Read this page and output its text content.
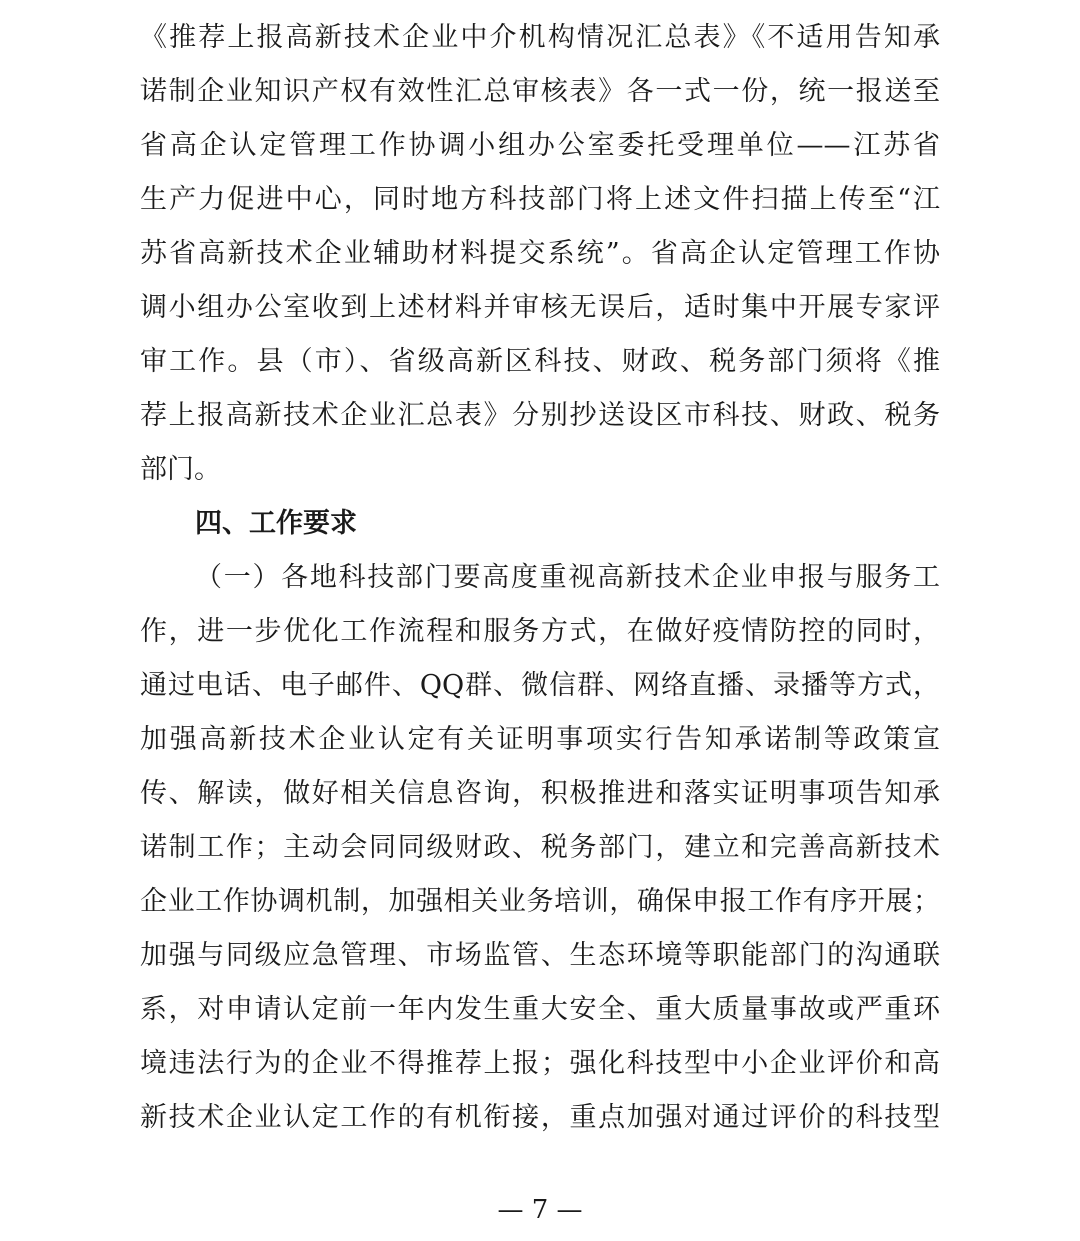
《推荐上报高新技术企业中介机构情况汇总表》《不适用告知承
诺制企业知识产权有效性汇总审核表》各一式一份，统一报送至
省高企认定管理工作协调小组办公室委托受理单位——江苏省
生产力促进中心，同时地方科技部门将上述文件扫描上传至“江
苏省高新技术企业辅助材料提交系统”。省高企认定管理工作协
调小组办公室收到上述材料并审核无误后，适时集中开展专家评
审工作。县（市）、省级高新区科技、财政、税务部门须将《推
荐上报高新技术企业汇总表》分别抄送设区市科技、财政、税务
部门。
四、工作要求
（一）各地科技部门要高度重视高新技术企业申报与服务工
作，进一步优化工作流程和服务方式，在做好疫情防控的同时，
通过电话、电子邮件、QQ群、微信群、网络直播、录播等方式，
加强高新技术企业认定有关证明事项实行告知承诺制等政策宣
传、解读，做好相关信息咨询，积极推进和落实证明事项告知承
诺制工作；主动会同同级财政、税务部门，建立和完善高新技术
企业工作协调机制，加强相关业务培训，确保申报工作有序开展；
加强与同级应急管理、市场监管、生态环境等职能部门的沟通联
系，对申请认定前一年内发生重大安全、重大质量事故或严重环
境违法行为的企业不得推荐上报；强化科技型中小企业评价和高
新技术企业认定工作的有机衔接，重点加强对通过评价的科技型
— 7 —
